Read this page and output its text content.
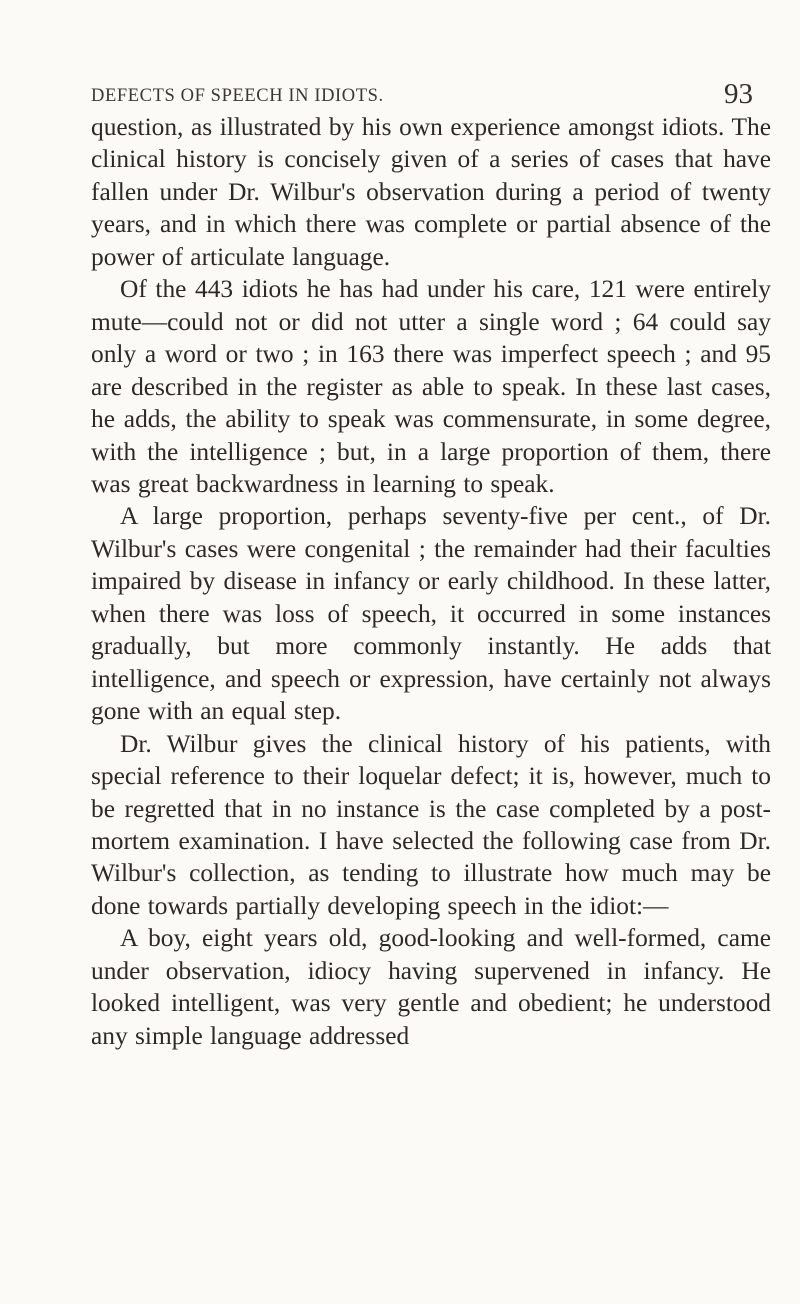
DEFECTS OF SPEECH IN IDIOTS.	93

question, as illustrated by his own experience amongst idiots. The clinical history is concisely given of a series of cases that have fallen under Dr. Wilbur's observation during a period of twenty years, and in which there was complete or partial absence of the power of articulate language.

Of the 443 idiots he has had under his care, 121 were entirely mute—could not or did not utter a single word ; 64 could say only a word or two ; in 163 there was imperfect speech ; and 95 are described in the register as able to speak. In these last cases, he adds, the ability to speak was commensurate, in some degree, with the intelligence ; but, in a large proportion of them, there was great backwardness in learning to speak.

A large proportion, perhaps seventy-five per cent., of Dr. Wilbur's cases were congenital ; the remainder had their faculties impaired by disease in infancy or early childhood. In these latter, when there was loss of speech, it occurred in some instances gradually, but more commonly instantly. He adds that intelligence, and speech or expression, have certainly not always gone with an equal step.

Dr. Wilbur gives the clinical history of his patients, with special reference to their loquelar defect; it is, however, much to be regretted that in no instance is the case completed by a post-mortem examination. I have selected the following case from Dr. Wilbur's collection, as tending to illustrate how much may be done towards partially developing speech in the idiot:—

A boy, eight years old, good-looking and well-formed, came under observation, idiocy having supervened in infancy. He looked intelligent, was very gentle and obedient; he understood any simple language addressed
